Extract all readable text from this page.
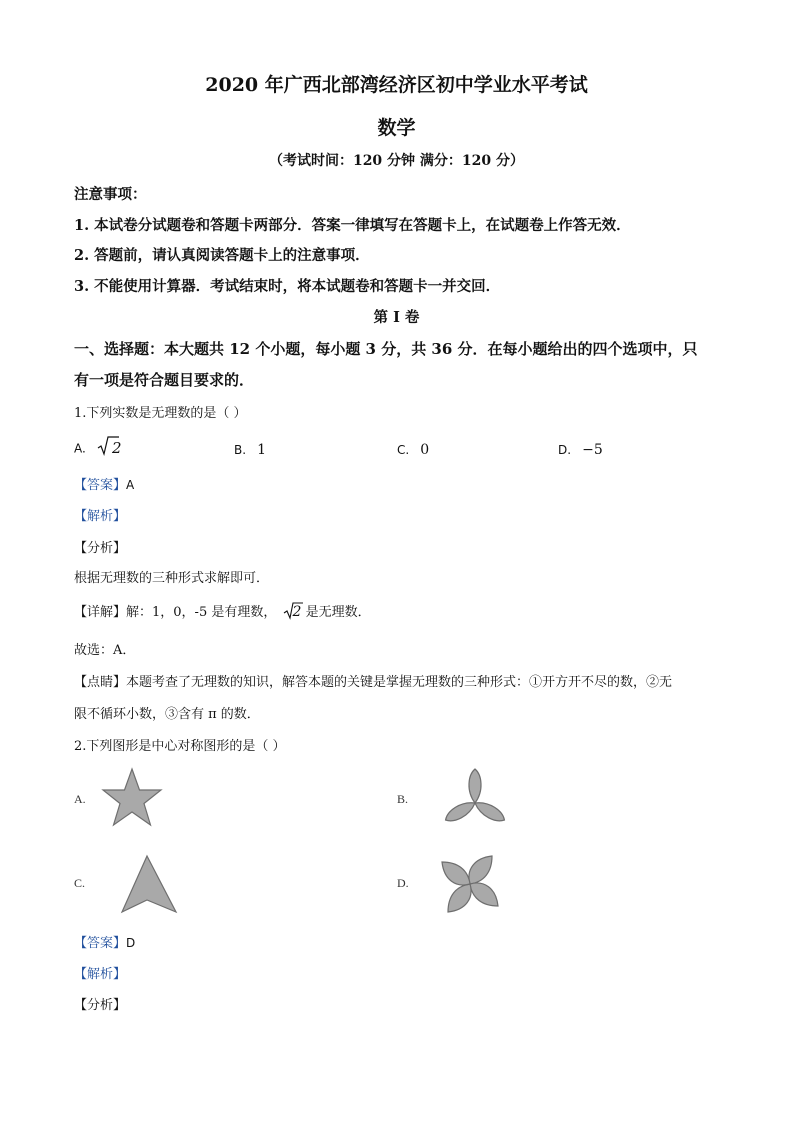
2020 年广西北部湾经济区初中学业水平考试
数学
（考试时间：120 分钟 满分：120 分）
注意事项：
1. 本试卷分试题卷和答题卡两部分．答案一律填写在答题卡上，在试题卷上作答无效．
2. 答题前，请认真阅读答题卡上的注意事项．
3. 不能使用计算器．考试结束时，将本试题卷和答题卡一并交回．
第 I 卷
一、选择题：本大题共 12 个小题，每小题 3 分，共 36 分．在每小题给出的四个选项中，只
有一项是符合题目要求的．
1.下列实数是无理数的是（ ）
A. 2	B. 1	C. 0	D. −5
【答案】A
【解析】
【分析】
根据无理数的三种形式求解即可．
【详解】解：1，0，-5 是有理数， 2 是无理数．
故选：A．
【点睛】本题考查了无理数的知识，解答本题的关键是掌握无理数的三种形式：①开方开不尽的数，②无
限不循环小数，③含有 π 的数．
2.下列图形是中心对称图形的是（ ）
A.	B.
C.	D.
【答案】D
【解析】
【分析】
